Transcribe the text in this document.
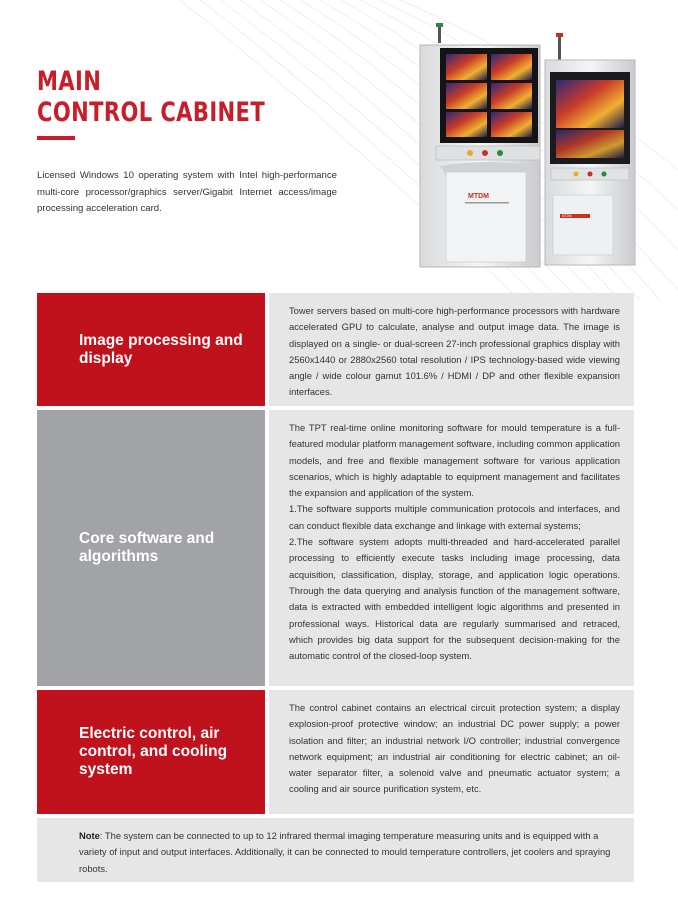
MAIN
CONTROL CABINET

Licensed Windows 10 operating system with Intel high-performance multi-core processor/graphics server/Gigabit Internet access/image processing acceleration card.

MTDM
MTDM
Image processing and display
Tower servers based on multi-core high-performance processors with hardware accelerated GPU to calculate, analyse and output image data. The image is displayed on a single- or dual-screen 27-inch professional graphics display with 2560x1440 or 2880x2560 total resolution / IPS technology-based wide viewing angle / wide colour gamut 101.6% / HDMI / DP and other flexible expansion interfaces.
Core software and algorithms
The TPT real-time online monitoring software for mould temperature is a full-featured modular platform management software, including common application models, and free and flexible management software for various application scenarios, which is highly adaptable to equipment management and facilitates the expansion and application of the system.
1.The software supports multiple communication protocols and interfaces, and can conduct flexible data exchange and linkage with external systems;
2.The software system adopts multi-threaded and hard-accelerated parallel processing to efficiently execute tasks including image processing, data acquisition, classification, display, storage, and application logic operations. Through the data querying and analysis function of the management software, data is extracted with embedded intelligent logic algorithms and presented in professional ways. Historical data are regularly summarised and retraced, which provides big data support for the subsequent decision-making for the automatic control of the closed-loop system.
Electric control, air control, and cooling system
The control cabinet contains an electrical circuit protection system; a display explosion-proof protective window; an industrial DC power supply; a power isolation and filter; an industrial network I/O controller; industrial convergence network equipment; an industrial air conditioning for electric cabinet; an oil-water separator filter, a solenoid valve and pneumatic actuator system; a cooling and air source purification system, etc.
Note: The system can be connected to up to 12 infrared thermal imaging temperature measuring units and is equipped with a variety of input and output interfaces. Additionally, it can be connected to mould temperature controllers, jet coolers and spraying robots.
